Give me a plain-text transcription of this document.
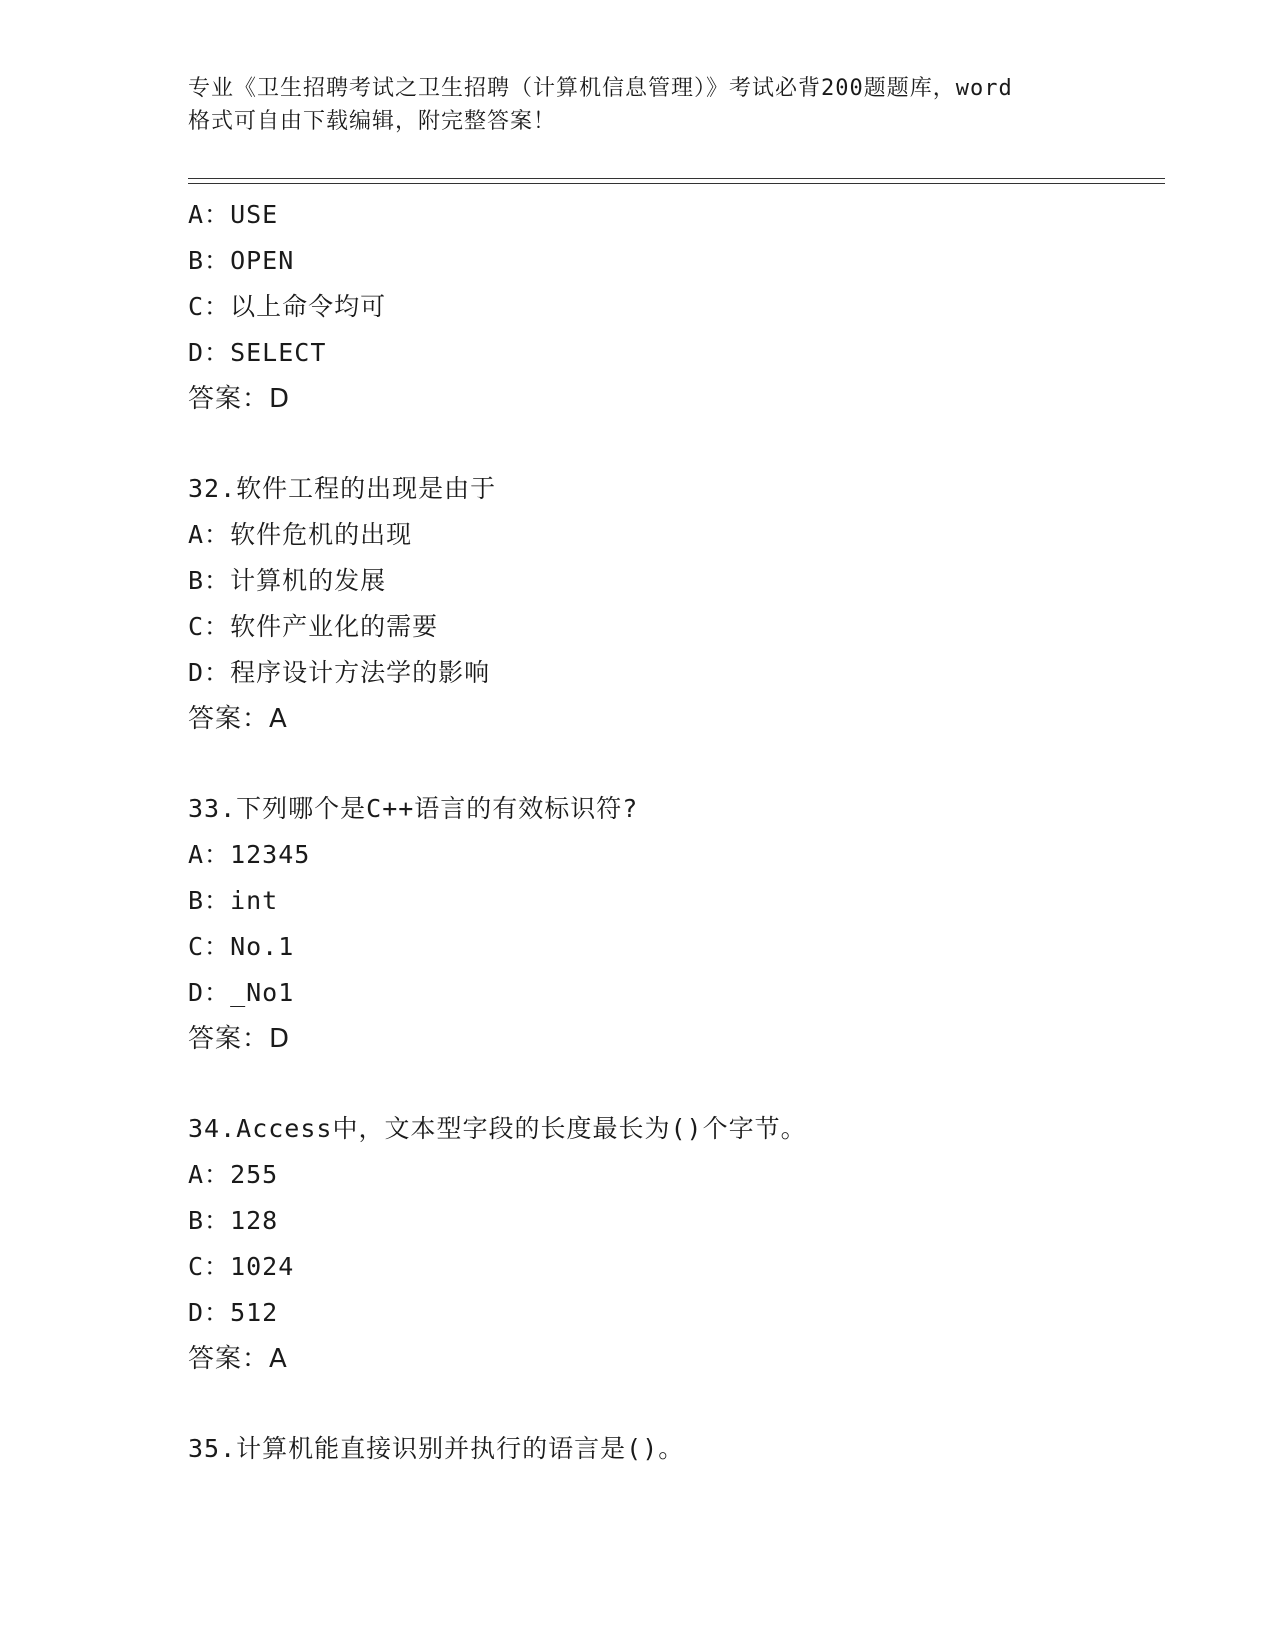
专业《卫生招聘考试之卫生招聘（计算机信息管理）》考试必背200题题库，word
格式可自由下载编辑，附完整答案！
A：USE
B：OPEN
C：以上命令均可
D：SELECT
答案：D
32.软件工程的出现是由于
A：软件危机的出现
B：计算机的发展
C：软件产业化的需要
D：程序设计方法学的影响
答案：A
33.下列哪个是C++语言的有效标识符?
A：12345
B：int
C：No.1
D：_No1
答案：D
34.Access中，文本型字段的长度最长为()个字节。
A：255
B：128
C：1024
D：512
答案：A
35.计算机能直接识别并执行的语言是()。
